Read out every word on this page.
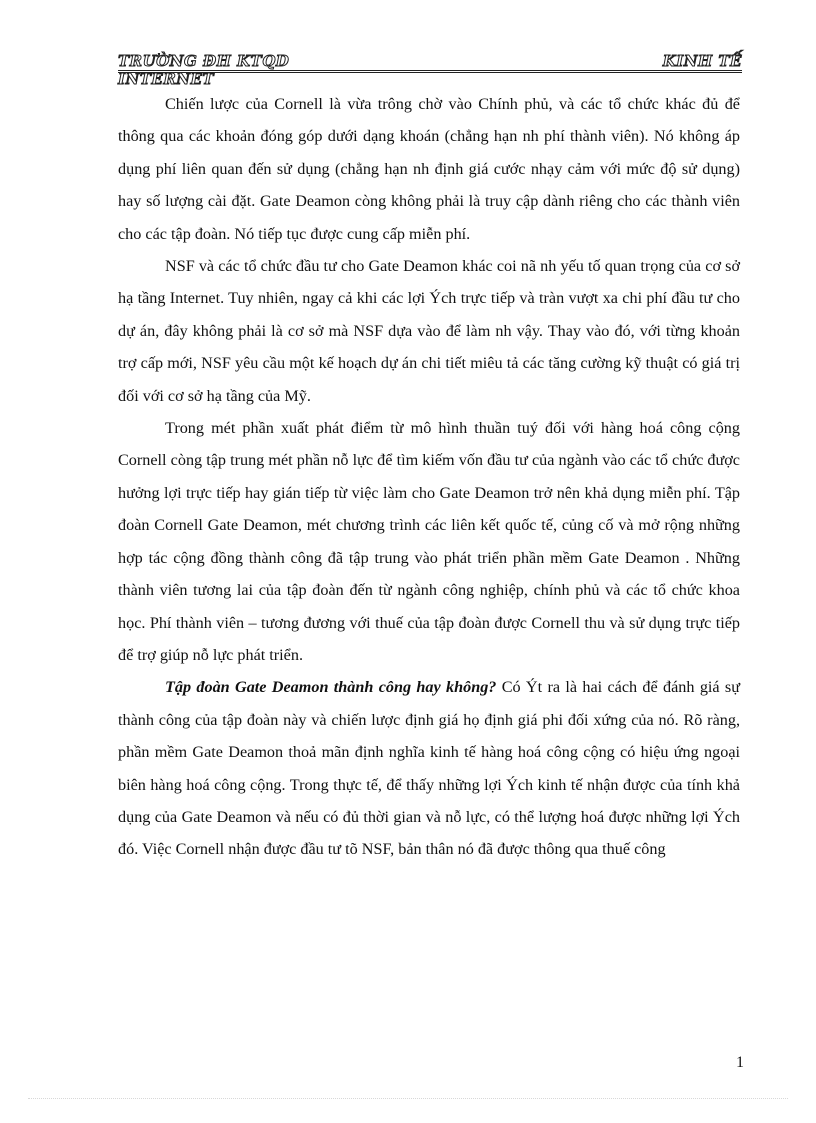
TRƯỜNG ĐH KTQD	KINH TẾ
INTERNET

Chiến lược của Cornell là vừa trông chờ vào Chính phủ, và các tổ chức khác đủ để thông qua các khoản đóng góp dưới dạng khoán (chẳng hạn nh phí thành viên). Nó không áp dụng phí liên quan đến sử dụng (chẳng hạn nh định giá cước nhạy cảm với mức độ sử dụng) hay số lượng cài đặt. Gate Deamon còng không phải là truy cập dành riêng cho các thành viên cho các tập đoàn. Nó tiếp tục được cung cấp miễn phí.

NSF và các tổ chức đầu tư cho Gate Deamon khác coi nã nh yếu tố quan trọng của cơ sở hạ tầng Internet. Tuy nhiên, ngay cả khi các lợi Ých trực tiếp và tràn vượt xa chi phí đầu tư cho dự án, đây không phải là cơ sở mà NSF dựa vào để làm nh vậy. Thay vào đó, với từng khoản trợ cấp mới, NSF yêu cầu một kế hoạch dự án chi tiết miêu tả các tăng cường kỹ thuật có giá trị đối với cơ sở hạ tầng của Mỹ.

Trong mét phần xuất phát điểm từ mô hình thuần tuý đối với hàng hoá công cộng Cornell còng tập trung mét phần nỗ lực để tìm kiếm vốn đầu tư của ngành vào các tổ chức được hưởng lợi trực tiếp hay gián tiếp từ việc làm cho Gate Deamon trở nên khả dụng miễn phí. Tập đoàn Cornell Gate Deamon, mét chương trình các liên kết quốc tế, củng cố và mở rộng những hợp tác cộng đồng thành công đã tập trung vào phát triển phần mềm Gate Deamon . Những thành viên tương lai của tập đoàn đến từ ngành công nghiệp, chính phủ và các tổ chức khoa học. Phí thành viên – tương đương với thuế của tập đoàn được Cornell thu và sử dụng trực tiếp để trợ giúp nỗ lực phát triển.

Tập đoàn Gate Deamon thành công hay không? Có Ýt ra là hai cách để đánh giá sự thành công của tập đoàn này và chiến lược định giá họ định giá phi đối xứng của nó. Rõ ràng, phần mềm Gate Deamon thoả mãn định nghĩa kinh tế hàng hoá công cộng có hiệu ứng ngoại biên hàng hoá công cộng. Trong thực tế, để thấy những lợi Ých kinh tế nhận được của tính khả dụng của Gate Deamon và nếu có đủ thời gian và nỗ lực, có thể lượng hoá được những lợi Ých đó. Việc Cornell nhận được đầu tư tõ NSF, bản thân nó đã được thông qua thuế công

1
